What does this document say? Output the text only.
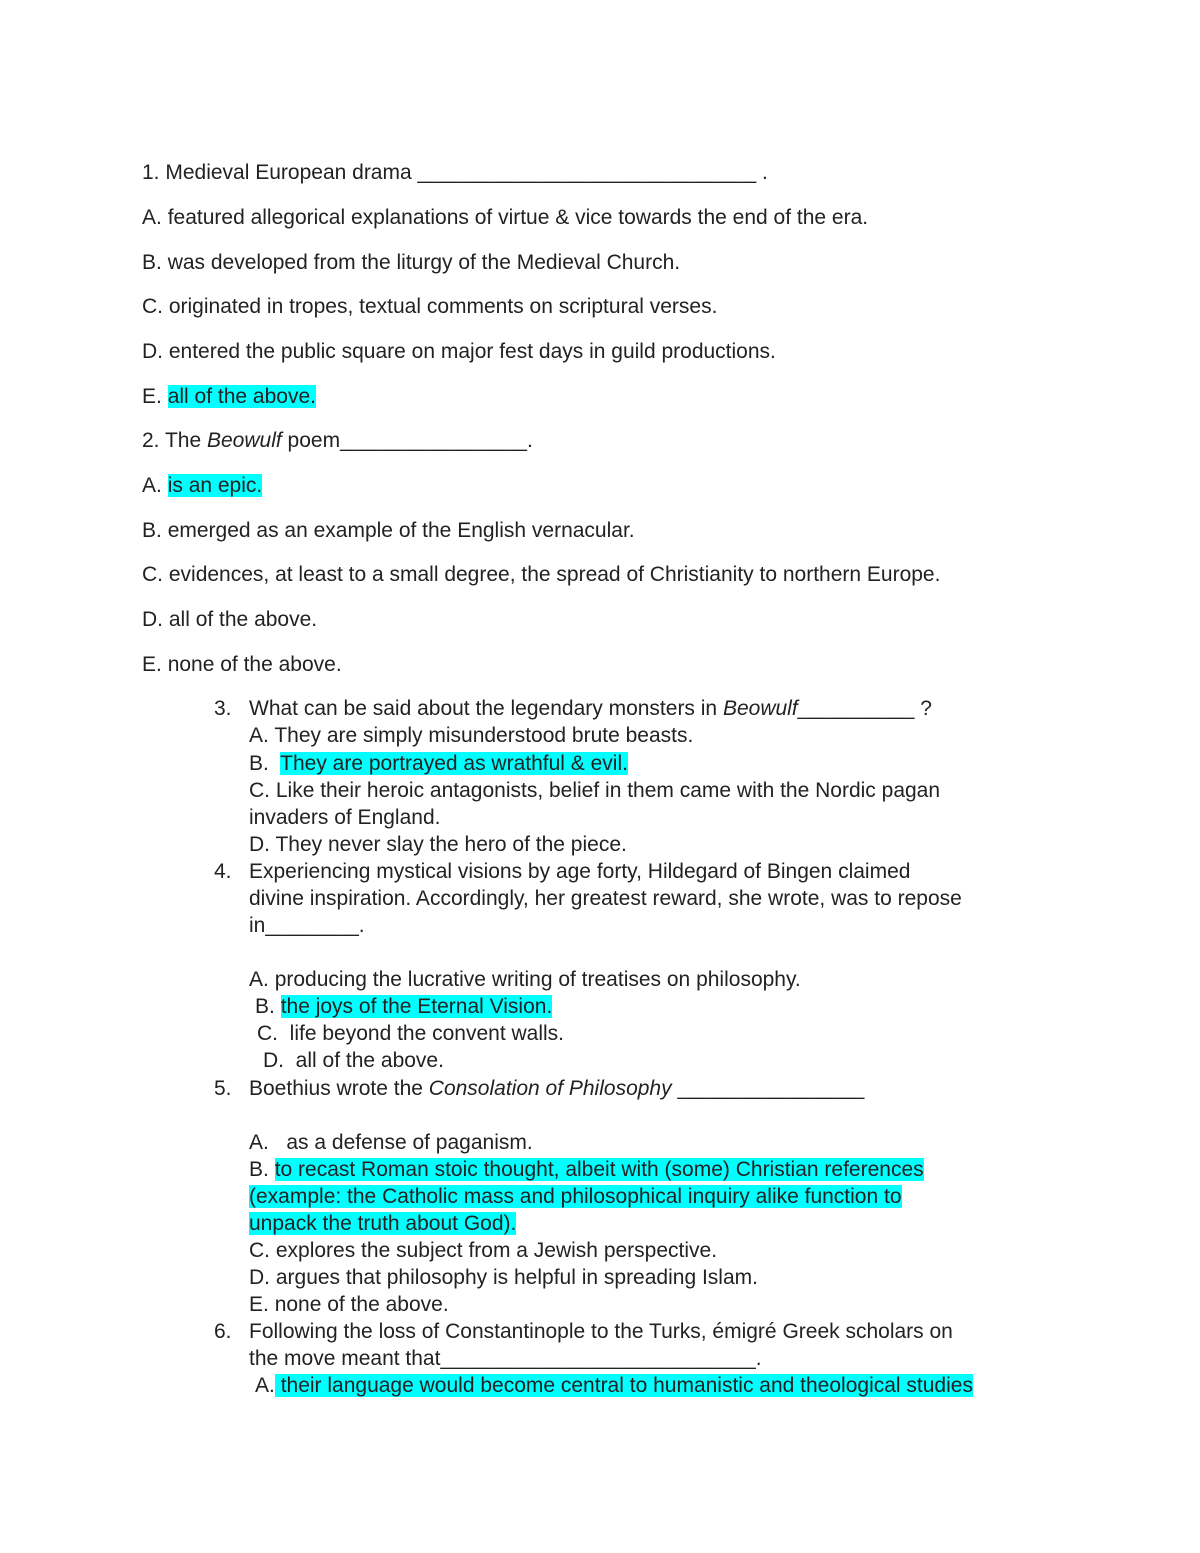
1. Medieval European drama _____________________________ .
A. featured allegorical explanations of virtue & vice towards the end of the era.
B. was developed from the liturgy of the Medieval Church.
C. originated in tropes, textual comments on scriptural verses.
D. entered the public square on major fest days in guild productions.
E. all of the above.
2. The Beowulf poem________________.
A. is an epic.
B. emerged as an example of the English vernacular.
C. evidences, at least to a small degree, the spread of Christianity to northern Europe.
D. all of the above.
E. none of the above.
3. What can be said about the legendary monsters in Beowulf__________ ?
A. They are simply misunderstood brute beasts.
B. They are portrayed as wrathful & evil.
C. Like their heroic antagonists, belief in them came with the Nordic pagan
invaders of England.
D. They never slay the hero of the piece.
4. Experiencing mystical visions by age forty, Hildegard of Bingen claimed
divine inspiration. Accordingly, her greatest reward, she wrote, was to repose
in________.
A. producing the lucrative writing of treatises on philosophy.
B. the joys of the Eternal Vision.
C. life beyond the convent walls.
D. all of the above.
5. Boethius wrote the Consolation of Philosophy ________________
A. as a defense of paganism.
B. to recast Roman stoic thought, albeit with (some) Christian references
(example: the Catholic mass and philosophical inquiry alike function to
unpack the truth about God).
C. explores the subject from a Jewish perspective.
D. argues that philosophy is helpful in spreading Islam.
E. none of the above.
6. Following the loss of Constantinople to the Turks, émigré Greek scholars on
the move meant that___________________________.
A. their language would become central to humanistic and theological studies
